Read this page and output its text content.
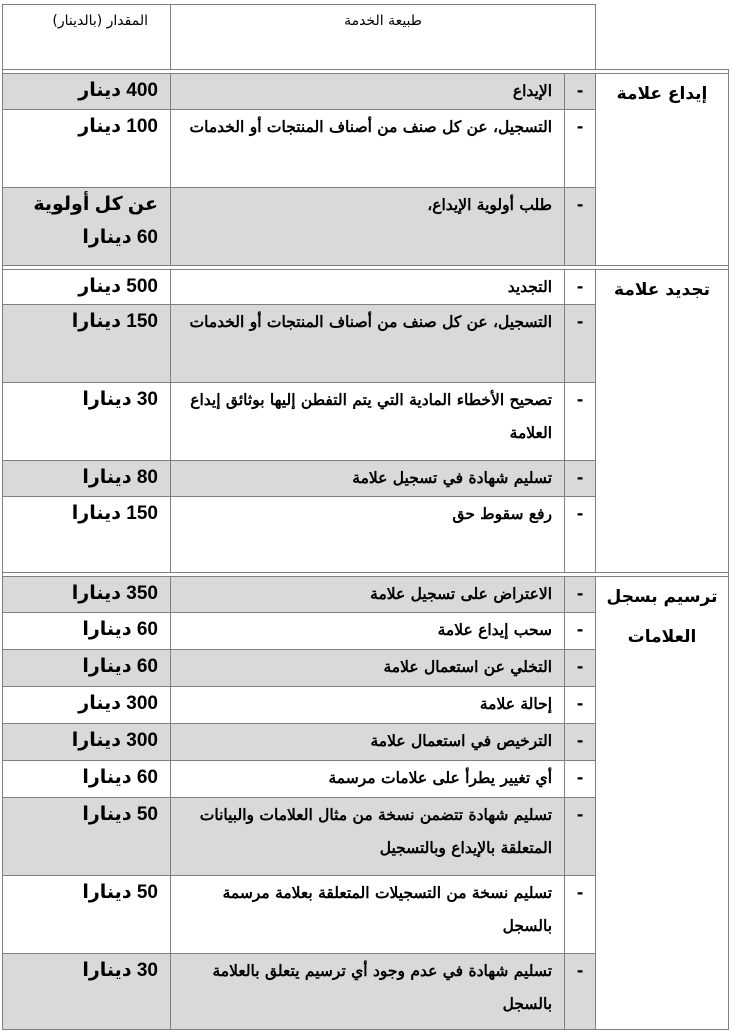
	طبيعة الخدمة		المقدار (بالدينار)

إيداع علامة	-	الإيداع	400 دينار
	-	التسجيل، عن كل صنف من أصناف المنتجات أو الخدمات	100 دينار
	-	طلب أولوية الإيداع،	عن كل أولوية 60 دينارا

تجديد علامة	-	التجديد	500 دينار
	-	التسجيل، عن كل صنف من أصناف المنتجات أو الخدمات	150 دينارا
	-	تصحيح الأخطاء المادية التي يتم التفطن إليها بوثائق إيداع العلامة	30 دينارا
	-	تسليم شهادة في تسجيل علامة	80 دينارا
	-	رفع سقوط حق	150 دينارا

ترسيم بسجل العلامات	-	الاعتراض على تسجيل علامة	350 دينارا
	-	سحب إيداع علامة	60 دينارا
	-	التخلي عن استعمال علامة	60 دينارا
	-	إحالة علامة	300 دينار
	-	الترخيص في استعمال علامة	300 دينارا
	-	أي تغيير يطرأ على علامات مرسمة	60 دينارا
	-	تسليم شهادة تتضمن نسخة من مثال العلامات والبيانات المتعلقة بالإيداع وبالتسجيل	50 دينارا
	-	تسليم نسخة من التسجيلات المتعلقة بعلامة مرسمة بالسجل	50 دينارا
	-	تسليم شهادة في عدم وجود أي ترسيم يتعلق بالعلامة بالسجل	30 دينارا
